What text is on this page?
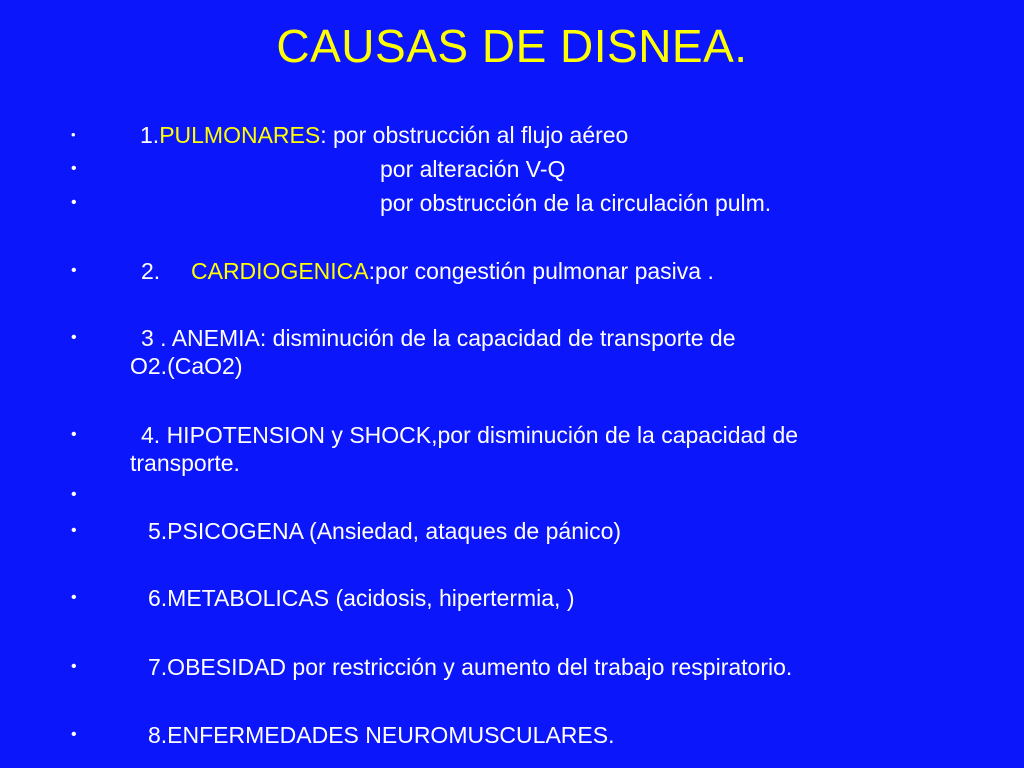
CAUSAS DE DISNEA.
•	1.PULMONARES: por obstrucción al flujo aéreo
•	por alteración V-Q
•	por obstrucción de la circulación pulm.
•	2. CARDIOGENICA:por congestión pulmonar pasiva .
•	3 . ANEMIA: disminución de la capacidad de transporte de
O2.(CaO2)
•	4. HIPOTENSION y SHOCK,por disminución de la capacidad de
transporte.
•
•	5.PSICOGENA (Ansiedad, ataques de pánico)
•	6.METABOLICAS (acidosis, hipertermia, )
•	7.OBESIDAD por restricción y aumento del trabajo respiratorio.
•	8.ENFERMEDADES NEUROMUSCULARES.
